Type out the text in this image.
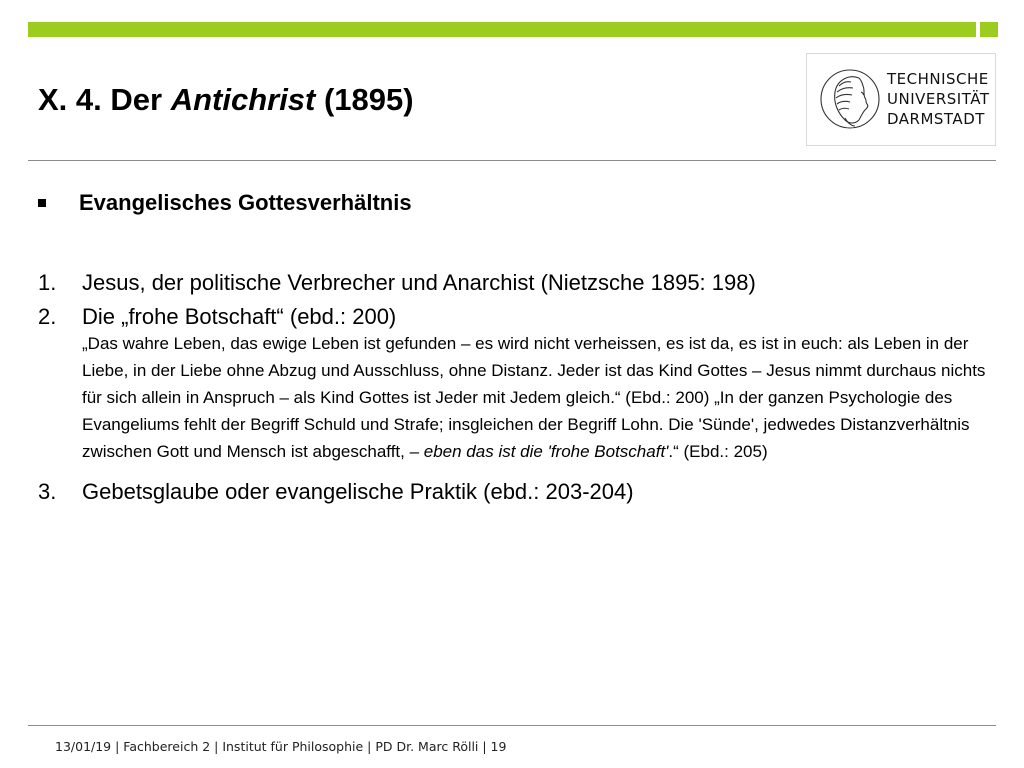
X. 4. Der Antichrist (1895)
TECHNISCHE
UNIVERSITÄT
DARMSTADT
Evangelisches Gottesverhältnis
1. Jesus, der politische Verbrecher und Anarchist (Nietzsche 1895: 198)
2. Die „frohe Botschaft“ (ebd.: 200)
„Das wahre Leben, das ewige Leben ist gefunden – es wird nicht verheissen, es ist da, es ist in euch: als Leben in der Liebe, in der Liebe ohne Abzug und Ausschluss, ohne Distanz. Jeder ist das Kind Gottes – Jesus nimmt durchaus nichts für sich allein in Anspruch – als Kind Gottes ist Jeder mit Jedem gleich.“ (Ebd.: 200) „In der ganzen Psychologie des Evangeliums fehlt der Begriff Schuld und Strafe; insgleichen der Begriff Lohn. Die 'Sünde', jedwedes Distanzverhältnis zwischen Gott und Mensch ist abgeschafft, – eben das ist die 'frohe Botschaft'.“ (Ebd.: 205)
3. Gebetsglaube oder evangelische Praktik (ebd.: 203-204)
13/01/19 | Fachbereich 2 | Institut für Philosophie | PD Dr. Marc Rölli | 19
